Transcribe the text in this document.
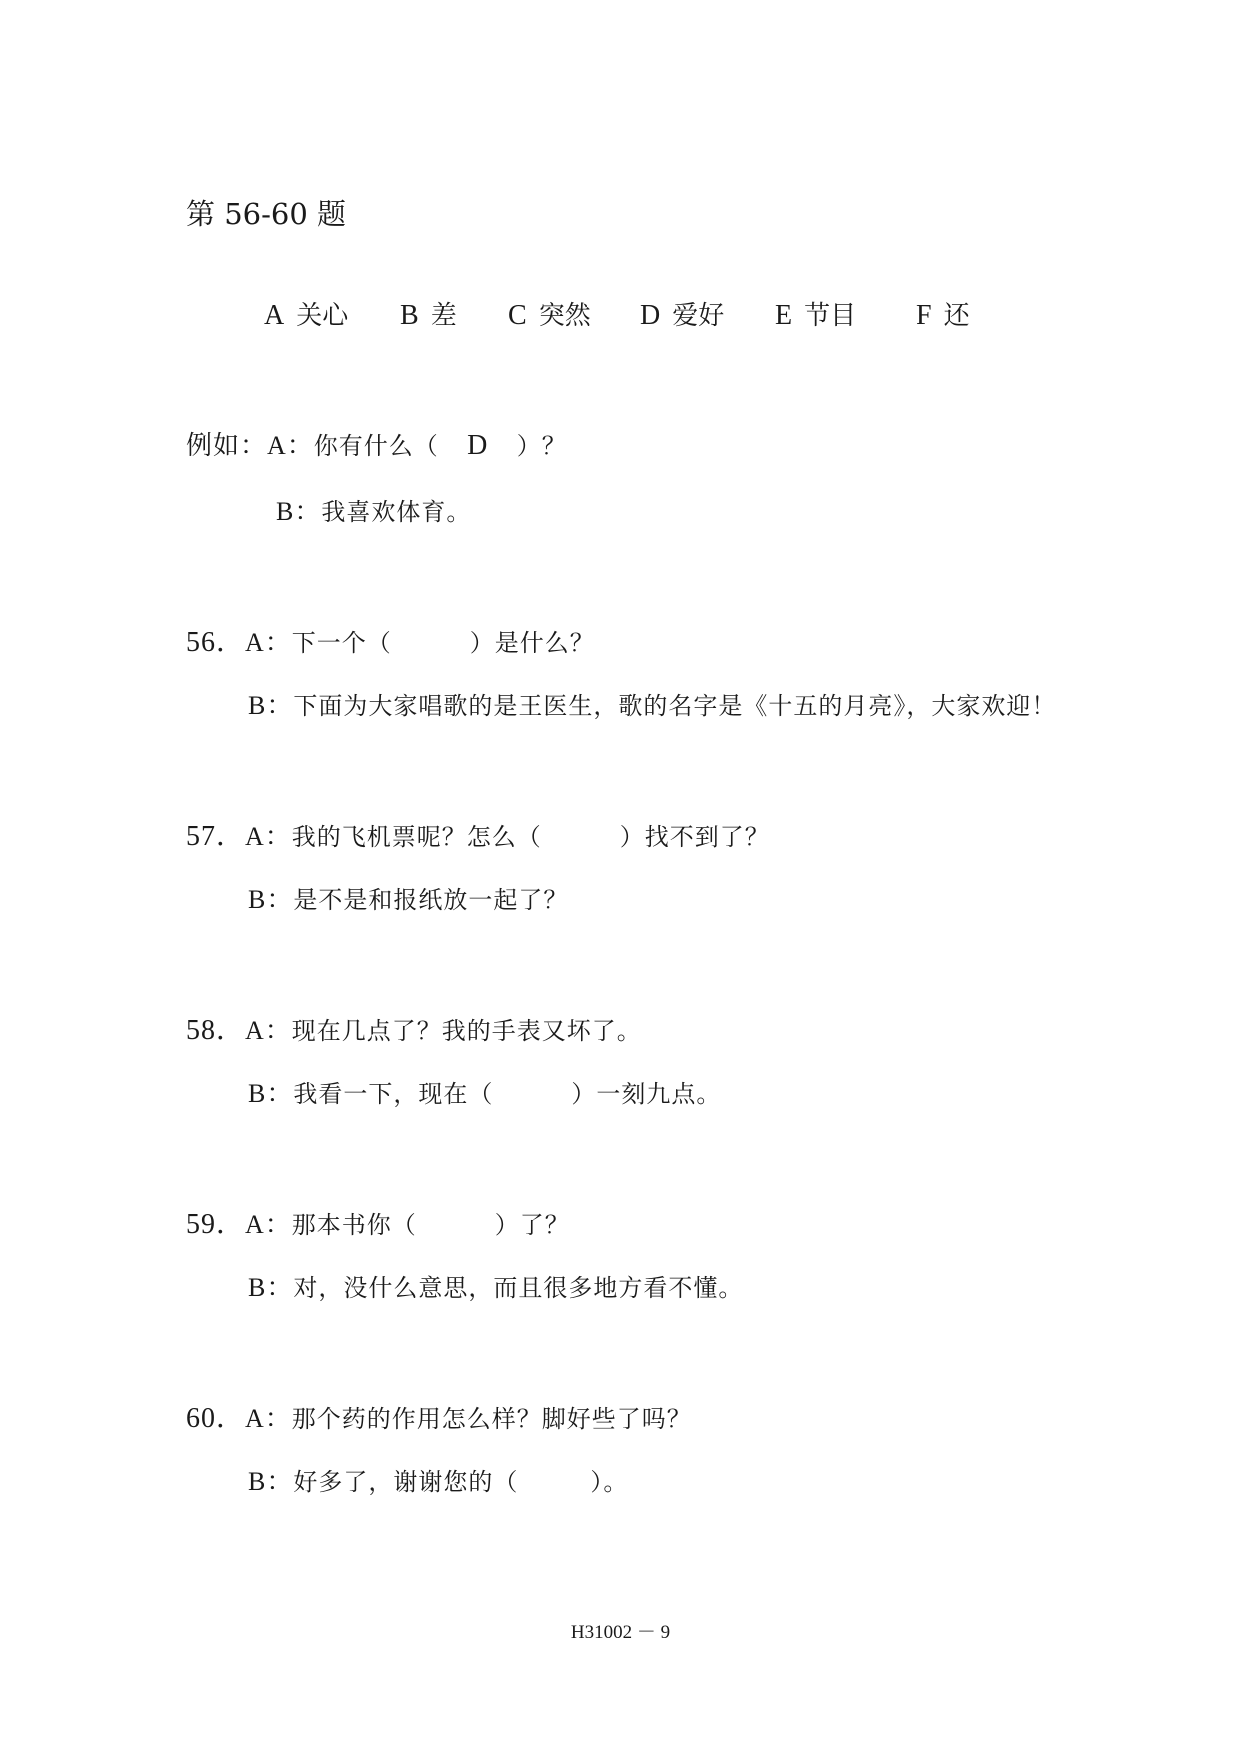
第 56-60 题
A 关心 B 差 C 突然 D 爱好 E 节目 F 还
例如：A：你有什么（ D ）？
B：我喜欢体育。
56．A：下一个（	）是什么？
B：下面为大家唱歌的是王医生，歌的名字是《十五的月亮》，大家欢迎！
57．A：我的飞机票呢？怎么（	）找不到了？
B：是不是和报纸放一起了？
58．A：现在几点了？我的手表又坏了。
B：我看一下，现在（	）一刻九点。
59．A：那本书你（	）了？
B：对，没什么意思，而且很多地方看不懂。
60．A：那个药的作用怎么样？脚好些了吗？
B：好多了，谢谢您的（	）。
H31002 － 9
